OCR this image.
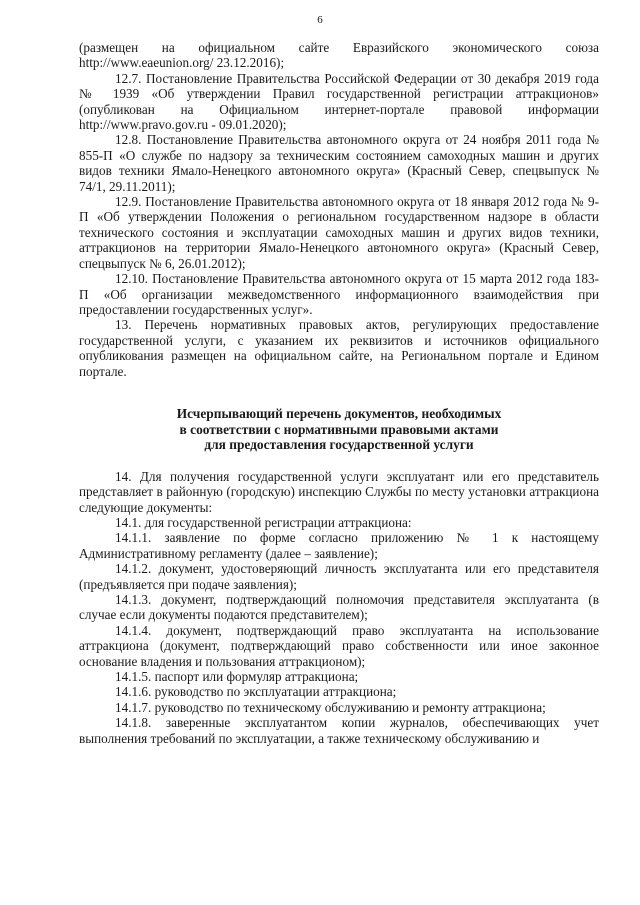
6

(размещен на официальном сайте Евразийского экономического союза http://www.eaeunion.org/ 23.12.2016);

12.7. Постановление Правительства Российской Федерации от 30 декабря 2019 года № 1939 «Об утверждении Правил государственной регистрации аттракционов» (опубликован на Официальном интернет-портале правовой информации http://www.pravo.gov.ru - 09.01.2020);

12.8. Постановление Правительства автономного округа от 24 ноября 2011 года № 855-П «О службе по надзору за техническим состоянием самоходных машин и других видов техники Ямало-Ненецкого автономного округа» (Красный Север, спецвыпуск № 74/1, 29.11.2011);

12.9. Постановление Правительства автономного округа от 18 января 2012 года № 9-П «Об утверждении Положения о региональном государственном надзоре в области технического состояния и эксплуатации самоходных машин и других видов техники, аттракционов на территории Ямало-Ненецкого автономного округа» (Красный Север, спецвыпуск № 6, 26.01.2012);

12.10. Постановление Правительства автономного округа от 15 марта 2012 года 183-П «Об организации межведомственного информационного взаимодействия при предоставлении государственных услуг».

13. Перечень нормативных правовых актов, регулирующих предоставление государственной услуги, с указанием их реквизитов и источников официального опубликования размещен на официальном сайте, на Региональном портале и Едином портале.

Исчерпывающий перечень документов, необходимых
в соответствии с нормативными правовыми актами
для предоставления государственной услуги

14. Для получения государственной услуги эксплуатант или его представитель представляет в районную (городскую) инспекцию Службы по месту установки аттракциона следующие документы:

14.1. для государственной регистрации аттракциона:

14.1.1. заявление по форме согласно приложению № 1 к настоящему Административному регламенту (далее – заявление);

14.1.2. документ, удостоверяющий личность эксплуатанта или его представителя (предъявляется при подаче заявления);

14.1.3. документ, подтверждающий полномочия представителя эксплуатанта (в случае если документы подаются представителем);

14.1.4. документ, подтверждающий право эксплуатанта на использование аттракциона (документ, подтверждающий право собственности или иное законное основание владения и пользования аттракционом);

14.1.5. паспорт или формуляр аттракциона;

14.1.6. руководство по эксплуатации аттракциона;

14.1.7. руководство по техническому обслуживанию и ремонту аттракциона;

14.1.8. заверенные эксплуатантом копии журналов, обеспечивающих учет выполнения требований по эксплуатации, а также техническому обслуживанию и
